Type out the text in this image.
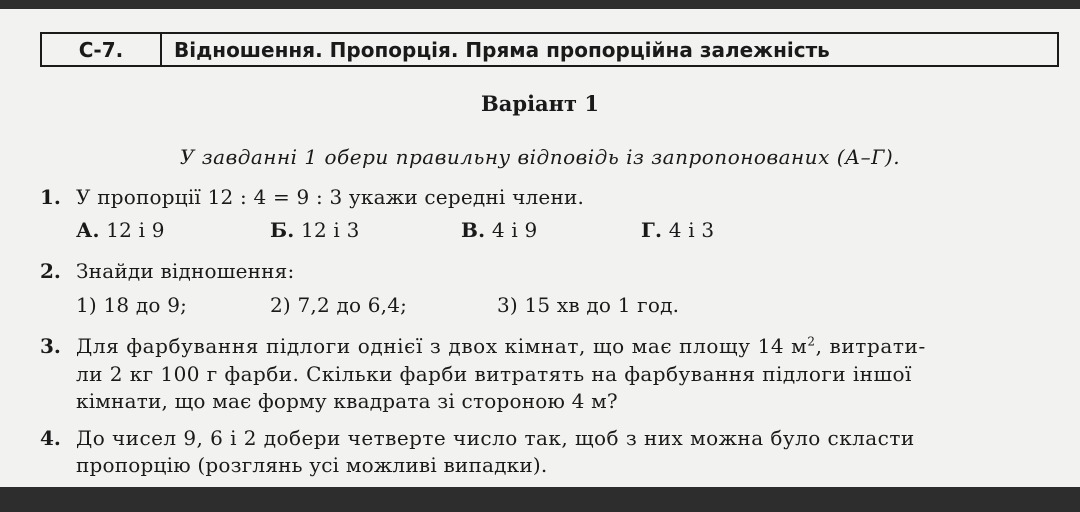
С-7.	Відношення. Пропорція. Пряма пропорційна залежність
Варіант 1
У завданні 1 обери правильну відповідь із запропонованих (А–Г).
1. У пропорції 12 : 4 = 9 : 3 укажи середні члени.
А. 12 і 9	Б. 12 і 3	В. 4 і 9	Г. 4 і 3
2. Знайди відношення:
1) 18 до 9;	2) 7,2 до 6,4;	3) 15 хв до 1 год.
3. Для фарбування підлоги однієї з двох кімнат, що має площу 14 $м^2$, витрати-
ли 2 кг 100 г фарби. Скільки фарби витратять на фарбування підлоги іншої
кімнати, що має форму квадрата зі стороною 4 м?
4. До чисел 9, 6 і 2 добери четверте число так, щоб з них можна було скласти
пропорцію (розглянь усі можливі випадки).
